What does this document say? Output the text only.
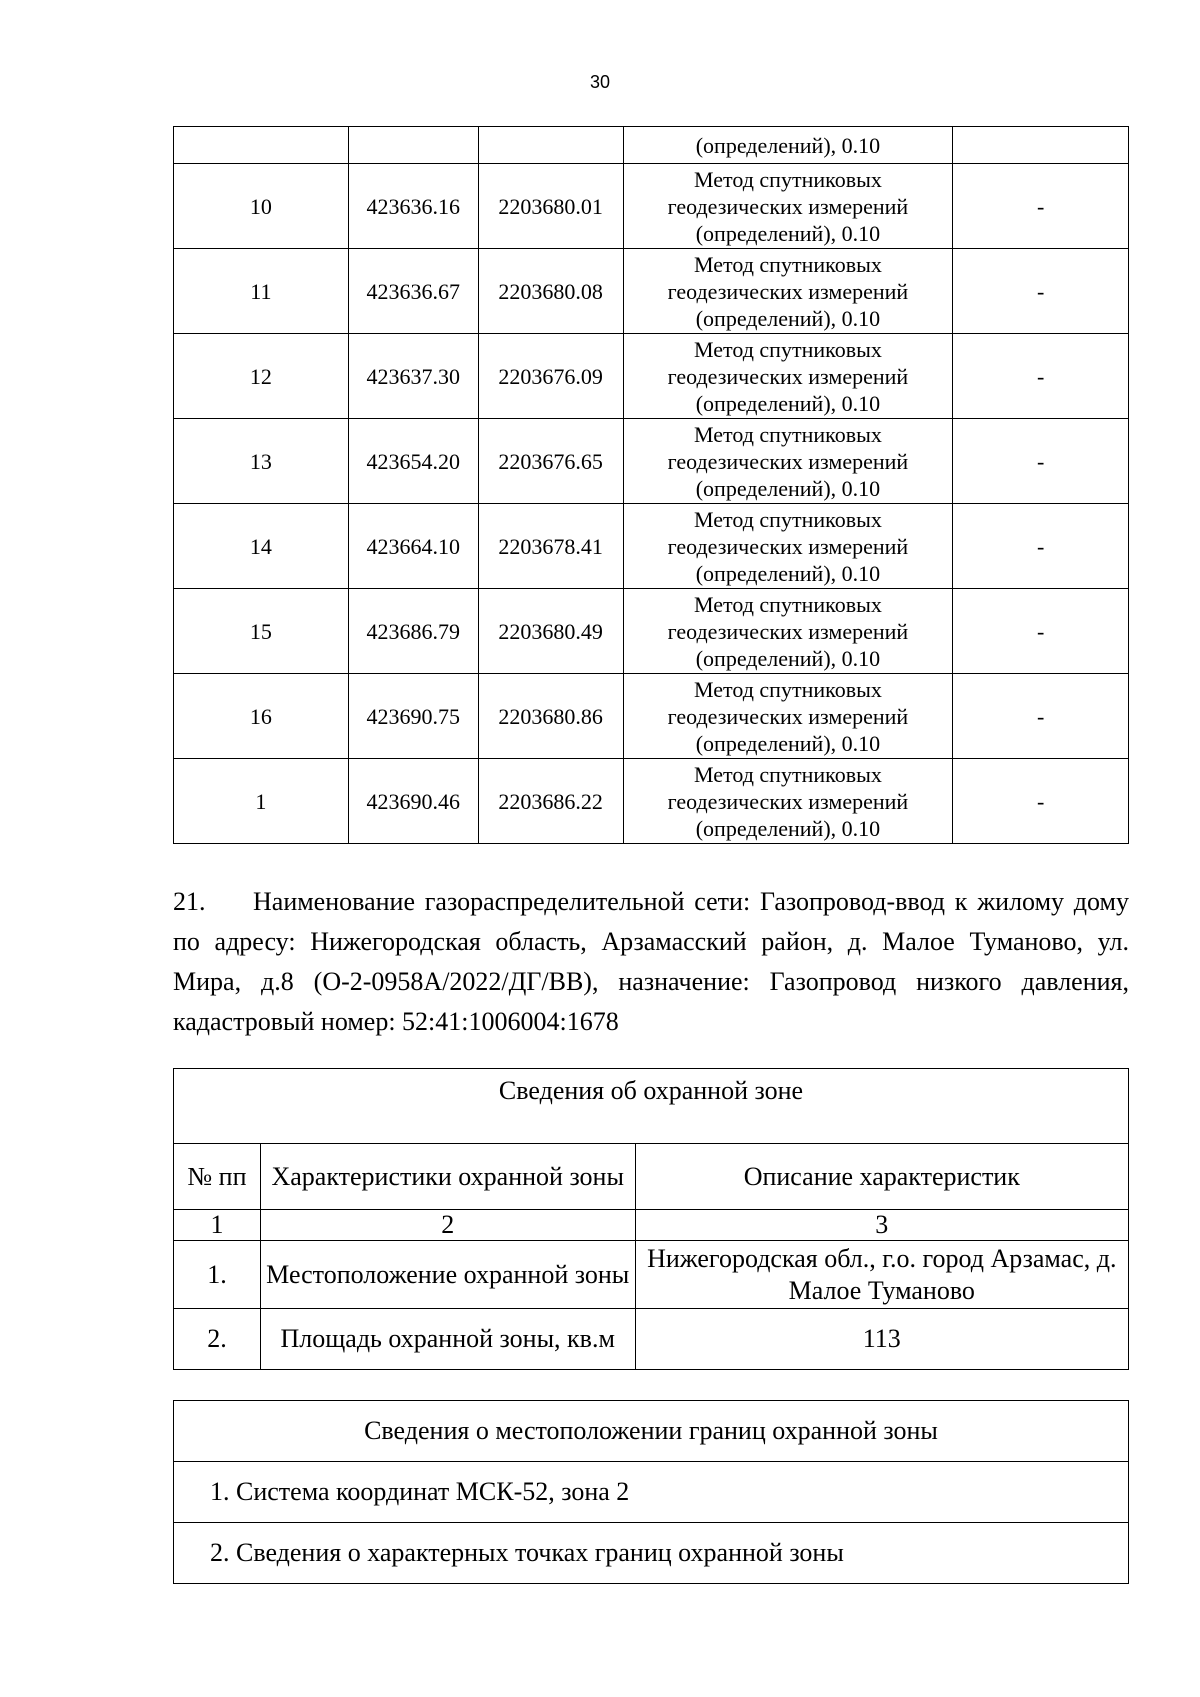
30
			(определений), 0.10	
10	423636.16	2203680.01	Метод спутниковых
геодезических измерений
(определений), 0.10	-
11	423636.67	2203680.08	Метод спутниковых
геодезических измерений
(определений), 0.10	-
12	423637.30	2203676.09	Метод спутниковых
геодезических измерений
(определений), 0.10	-
13	423654.20	2203676.65	Метод спутниковых
геодезических измерений
(определений), 0.10	-
14	423664.10	2203678.41	Метод спутниковых
геодезических измерений
(определений), 0.10	-
15	423686.79	2203680.49	Метод спутниковых
геодезических измерений
(определений), 0.10	-
16	423690.75	2203680.86	Метод спутниковых
геодезических измерений
(определений), 0.10	-
1	423690.46	2203686.22	Метод спутниковых
геодезических измерений
(определений), 0.10	-

21. Наименование газораспределительной сети: Газопровод-ввод к жилому дому по адресу: Нижегородская область, Арзамасский район, д. Малое Туманово, ул. Мира, д.8 (О-2-0958А/2022/ДГ/ВВ), назначение: Газопровод низкого давления, кадастровый номер: 52:41:1006004:1678

Сведения об охранной зоне		
№ пп	Характеристики охранной зоны	Описание характеристик
1	2	3
1.	Местоположение охранной зоны	Нижегородская обл., г.о. город Арзамас, д. Малое Туманово
2.	Площадь охранной зоны, кв.м	113
Сведения о местоположении границ охранной зоны
1. Система координат МСК-52, зона 2
2. Сведения о характерных точках границ охранной зоны
